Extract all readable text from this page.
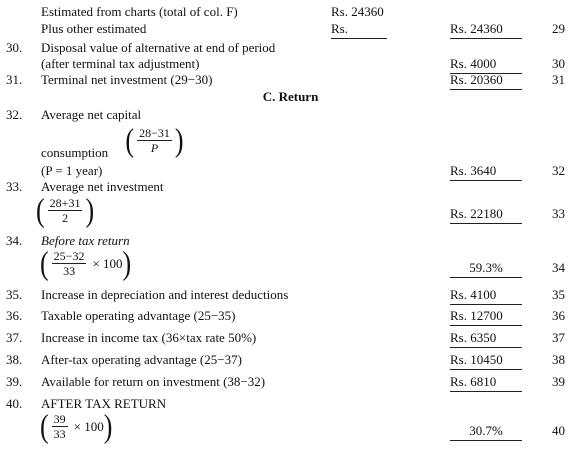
Estimated from charts (total of col. F)	Rs. 24360
Plus other estimated	Rs.	Rs. 24360	29
30. Disposal value of alternative at end of period
(after terminal tax adjustment)	Rs. 4000	30
31. Terminal net investment (29−30)	Rs. 20360	31
C. Return
32. Average net capital
consumption ( $\frac{28-31}{P}$ )
(P = 1 year)	Rs. 3640	32
33. Average net investment
( $\frac{28+31}{2}$ )	Rs. 22180	33
34. Before tax return
( $\frac{25-32}{33} \times 100$ )	59.3%	34
35. Increase in depreciation and interest deductions	Rs. 4100	35
36. Taxable operating advantage (25−35)	Rs. 12700	36
37. Increase in income tax (36×tax rate 50%)	Rs. 6350	37
38. After-tax operating advantage (25−37)	Rs. 10450	38
39. Available for return on investment (38−32)	Rs. 6810	39
40. AFTER TAX RETURN
( $\frac{39}{33} \times 100$ )	30.7%	40
